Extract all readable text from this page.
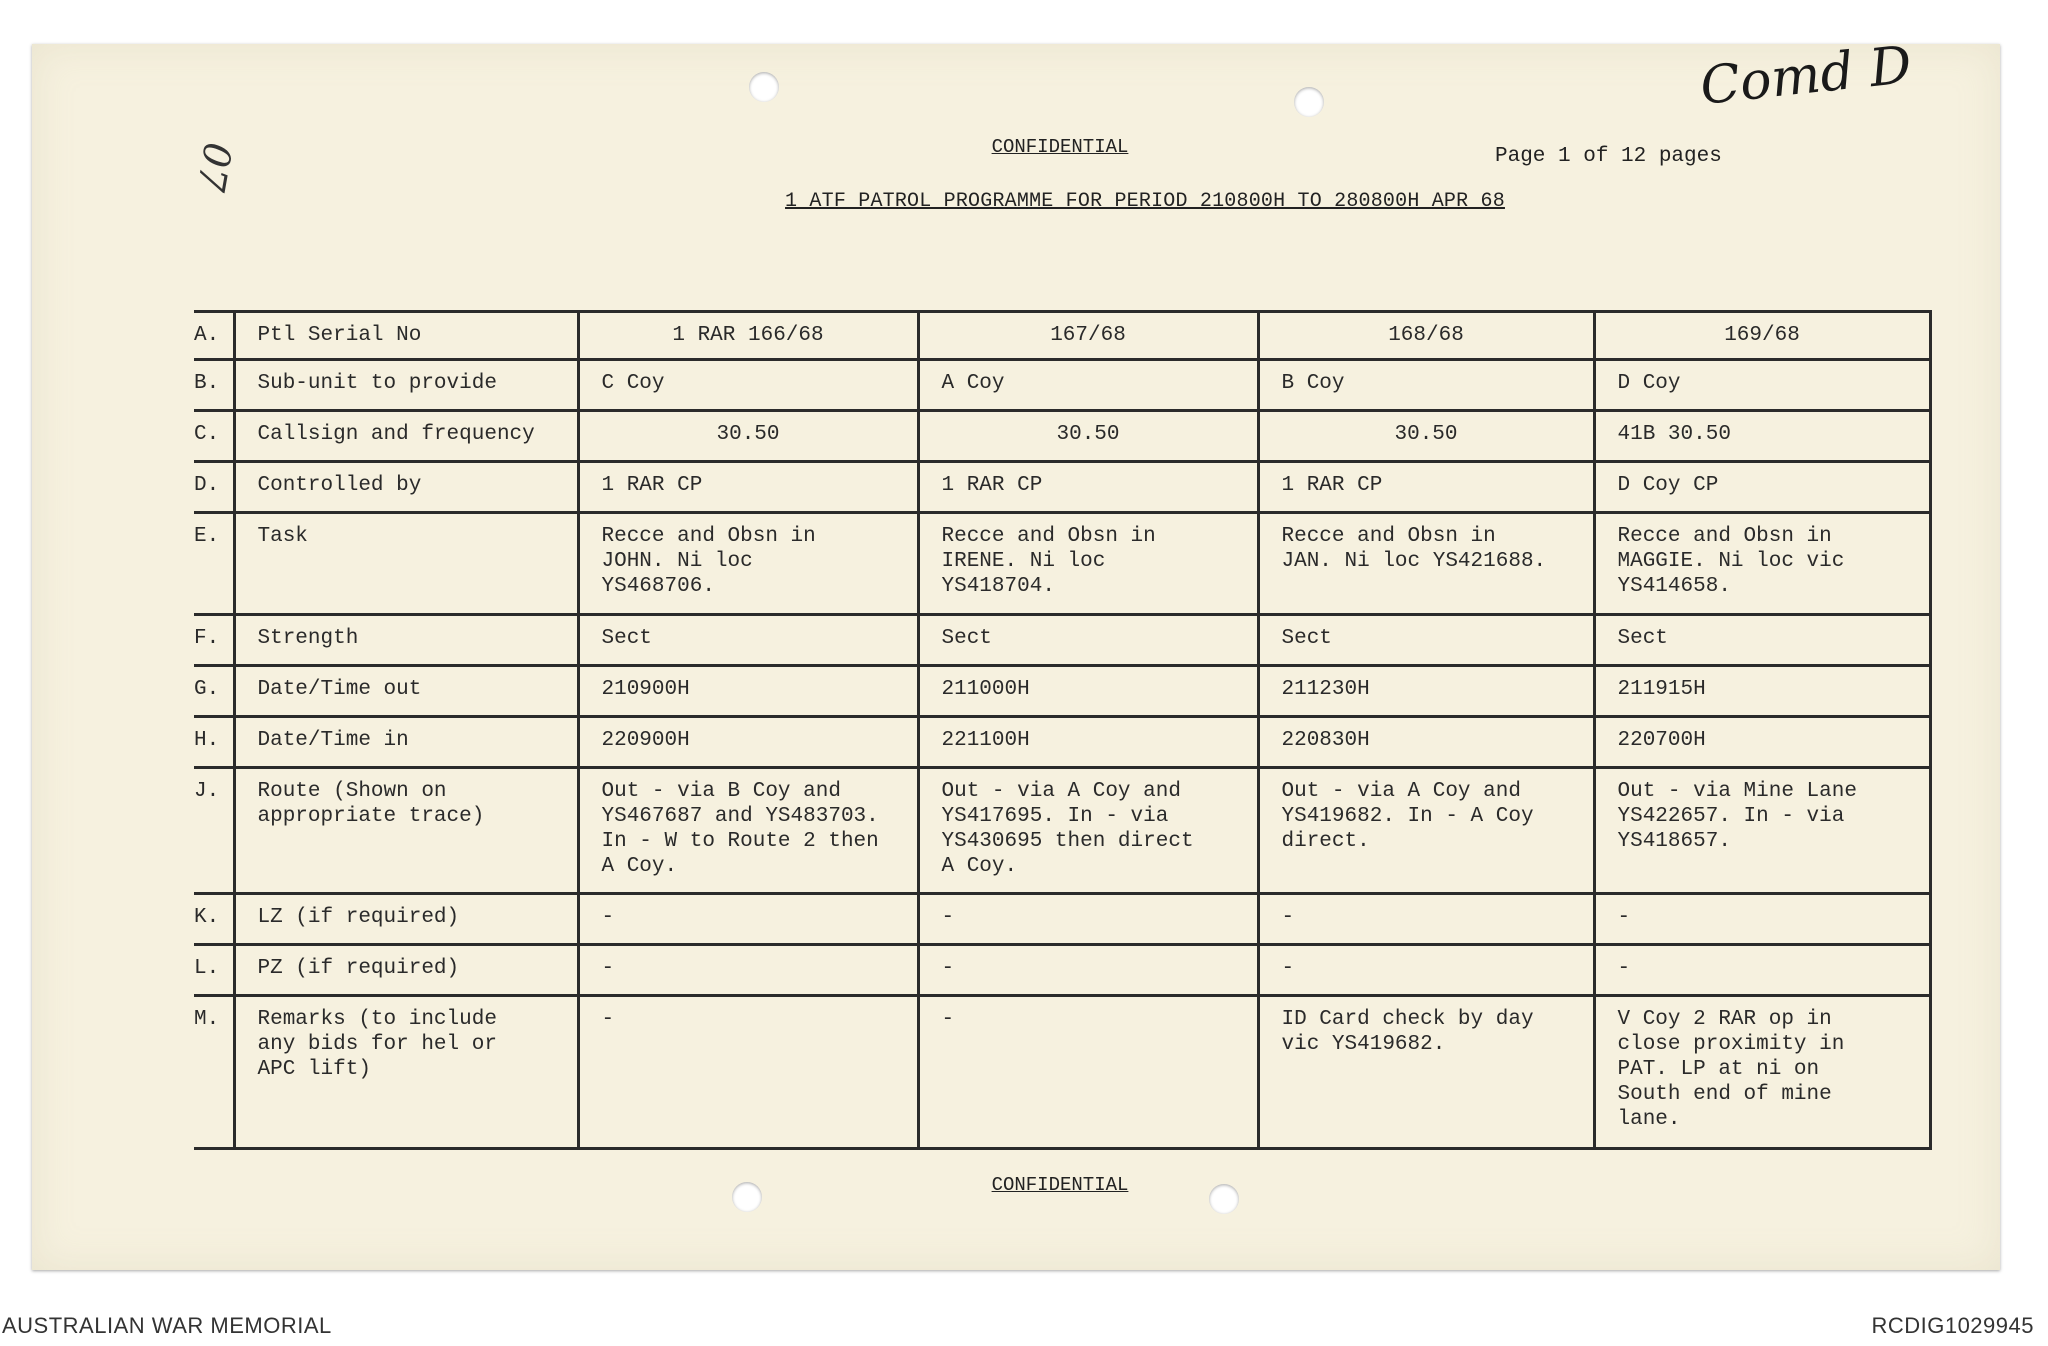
Comd D
07	CONFIDENTIAL	Page 1 of 12 pages
1 ATF PATROL PROGRAMME FOR PERIOD 210800H TO 280800H APR 68
A.	Ptl Serial No	1 RAR 166/68	167/68	168/68	169/68
B.	Sub-unit to provide	C Coy	A Coy	B Coy	D Coy
C.	Callsign and frequency	30.50	30.50	30.50	41B 30.50
D.	Controlled by	1 RAR CP	1 RAR CP	1 RAR CP	D Coy CP
E.	Task	Recce and Obsn in
JOHN. Ni loc
YS468706.	Recce and Obsn in
IRENE. Ni loc
YS418704.	Recce and Obsn in
JAN. Ni loc YS421688.	Recce and Obsn in
MAGGIE. Ni loc vic
YS414658.
F.	Strength	Sect	Sect	Sect	Sect
G.	Date/Time out	210900H	211000H	211230H	211915H
H.	Date/Time in	220900H	221100H	220830H	220700H
J.	Route (Shown on
appropriate trace)	Out - via B Coy and
YS467687 and YS483703.
In - W to Route 2 then
A Coy.	Out - via A Coy and
YS417695. In - via
YS430695 then direct
A Coy.	Out - via A Coy and
YS419682. In - A Coy
direct.	Out - via Mine Lane
YS422657. In - via
YS418657.
K.	LZ (if required)	-	-	-	-
L.	PZ (if required)	-	-	-	-
M.	Remarks (to include
any bids for hel or
APC lift)	-	-	ID Card check by day
vic YS419682.	V Coy 2 RAR op in
close proximity in
PAT. LP at ni on
South end of mine
lane.
CONFIDENTIAL
AUSTRALIAN WAR MEMORIAL	RCDIG1029945
